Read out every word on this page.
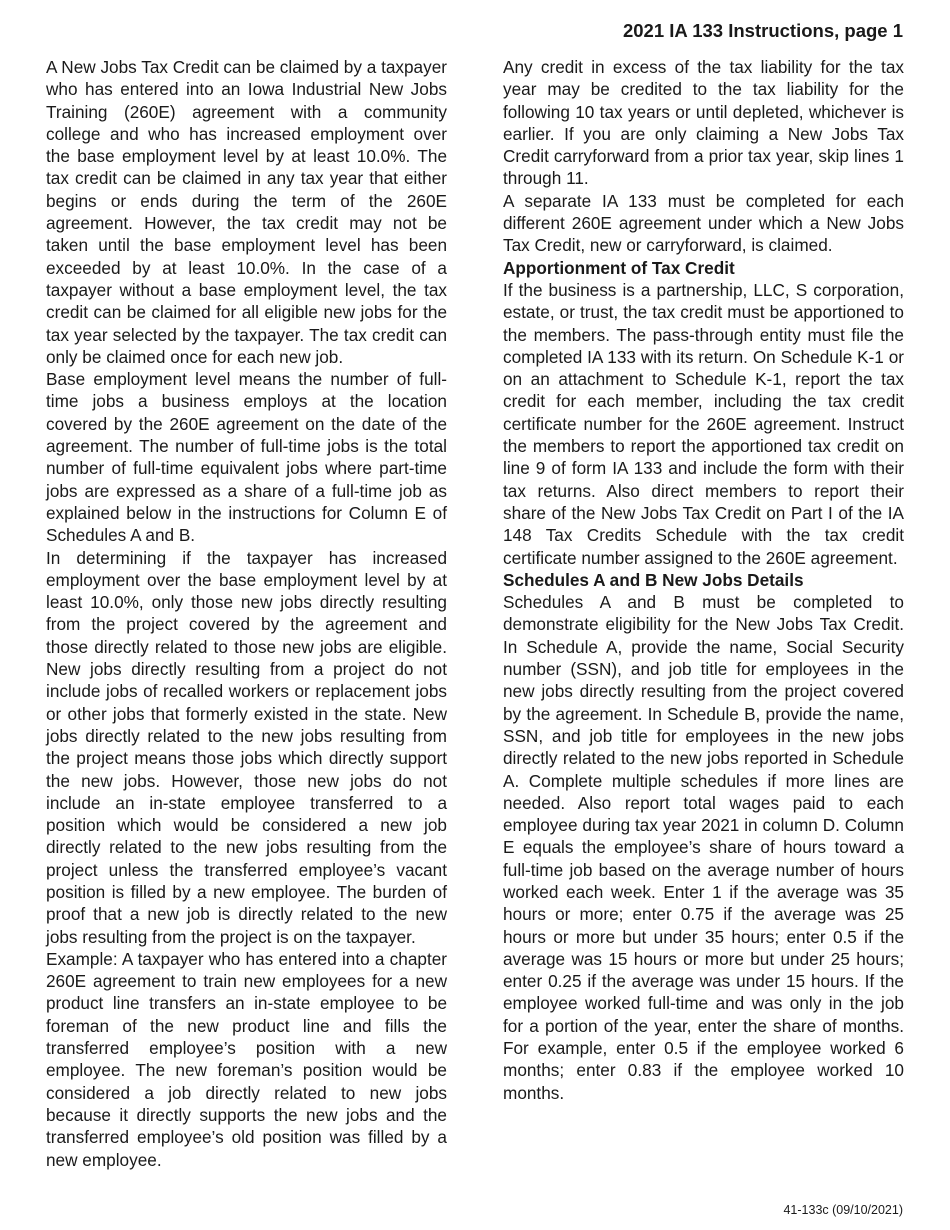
2021 IA 133 Instructions, page 1

A New Jobs Tax Credit can be claimed by a taxpayer who has entered into an Iowa Industrial New Jobs Training (260E) agreement with a community college and who has increased employment over the base employment level by at least 10.0%. The tax credit can be claimed in any tax year that either begins or ends during the term of the 260E agreement. However, the tax credit may not be taken until the base employment level has been exceeded by at least 10.0%. In the case of a taxpayer without a base employment level, the tax credit can be claimed for all eligible new jobs for the tax year selected by the taxpayer. The tax credit can only be claimed once for each new job.

Base employment level means the number of full-time jobs a business employs at the location covered by the 260E agreement on the date of the agreement. The number of full-time jobs is the total number of full-time equivalent jobs where part-time jobs are expressed as a share of a full-time job as explained below in the instructions for Column E of Schedules A and B.

In determining if the taxpayer has increased employment over the base employment level by at least 10.0%, only those new jobs directly resulting from the project covered by the agreement and those directly related to those new jobs are eligible. New jobs directly resulting from a project do not include jobs of recalled workers or replacement jobs or other jobs that formerly existed in the state. New jobs directly related to the new jobs resulting from the project means those jobs which directly support the new jobs. However, those new jobs do not include an in-state employee transferred to a position which would be considered a new job directly related to the new jobs resulting from the project unless the transferred employee’s vacant position is filled by a new employee. The burden of proof that a new job is directly related to the new jobs resulting from the project is on the taxpayer.

Example: A taxpayer who has entered into a chapter 260E agreement to train new employees for a new product line transfers an in-state employee to be foreman of the new product line and fills the transferred employee’s position with a new employee. The new foreman’s position would be considered a job directly related to new jobs because it directly supports the new jobs and the transferred employee’s old position was filled by a new employee.

Any credit in excess of the tax liability for the tax year may be credited to the tax liability for the following 10 tax years or until depleted, whichever is earlier. If you are only claiming a New Jobs Tax Credit carryforward from a prior tax year, skip lines 1 through 11.

A separate IA 133 must be completed for each different 260E agreement under which a New Jobs Tax Credit, new or carryforward, is claimed.

Apportionment of Tax Credit

If the business is a partnership, LLC, S corporation, estate, or trust, the tax credit must be apportioned to the members. The pass-through entity must file the completed IA 133 with its return. On Schedule K-1 or on an attachment to Schedule K-1, report the tax credit for each member, including the tax credit certificate number for the 260E agreement. Instruct the members to report the apportioned tax credit on line 9 of form IA 133 and include the form with their tax returns. Also direct members to report their share of the New Jobs Tax Credit on Part I of the IA 148 Tax Credits Schedule with the tax credit certificate number assigned to the 260E agreement.

Schedules A and B New Jobs Details

Schedules A and B must be completed to demonstrate eligibility for the New Jobs Tax Credit. In Schedule A, provide the name, Social Security number (SSN), and job title for employees in the new jobs directly resulting from the project covered by the agreement. In Schedule B, provide the name, SSN, and job title for employees in the new jobs directly related to the new jobs reported in Schedule A. Complete multiple schedules if more lines are needed. Also report total wages paid to each employee during tax year 2021 in column D. Column E equals the employee’s share of hours toward a full-time job based on the average number of hours worked each week. Enter 1 if the average was 35 hours or more; enter 0.75 if the average was 25 hours or more but under 35 hours; enter 0.5 if the average was 15 hours or more but under 25 hours; enter 0.25 if the average was under 15 hours. If the employee worked full-time and was only in the job for a portion of the year, enter the share of months. For example, enter 0.5 if the employee worked 6 months; enter 0.83 if the employee worked 10 months.

41-133c (09/10/2021)
